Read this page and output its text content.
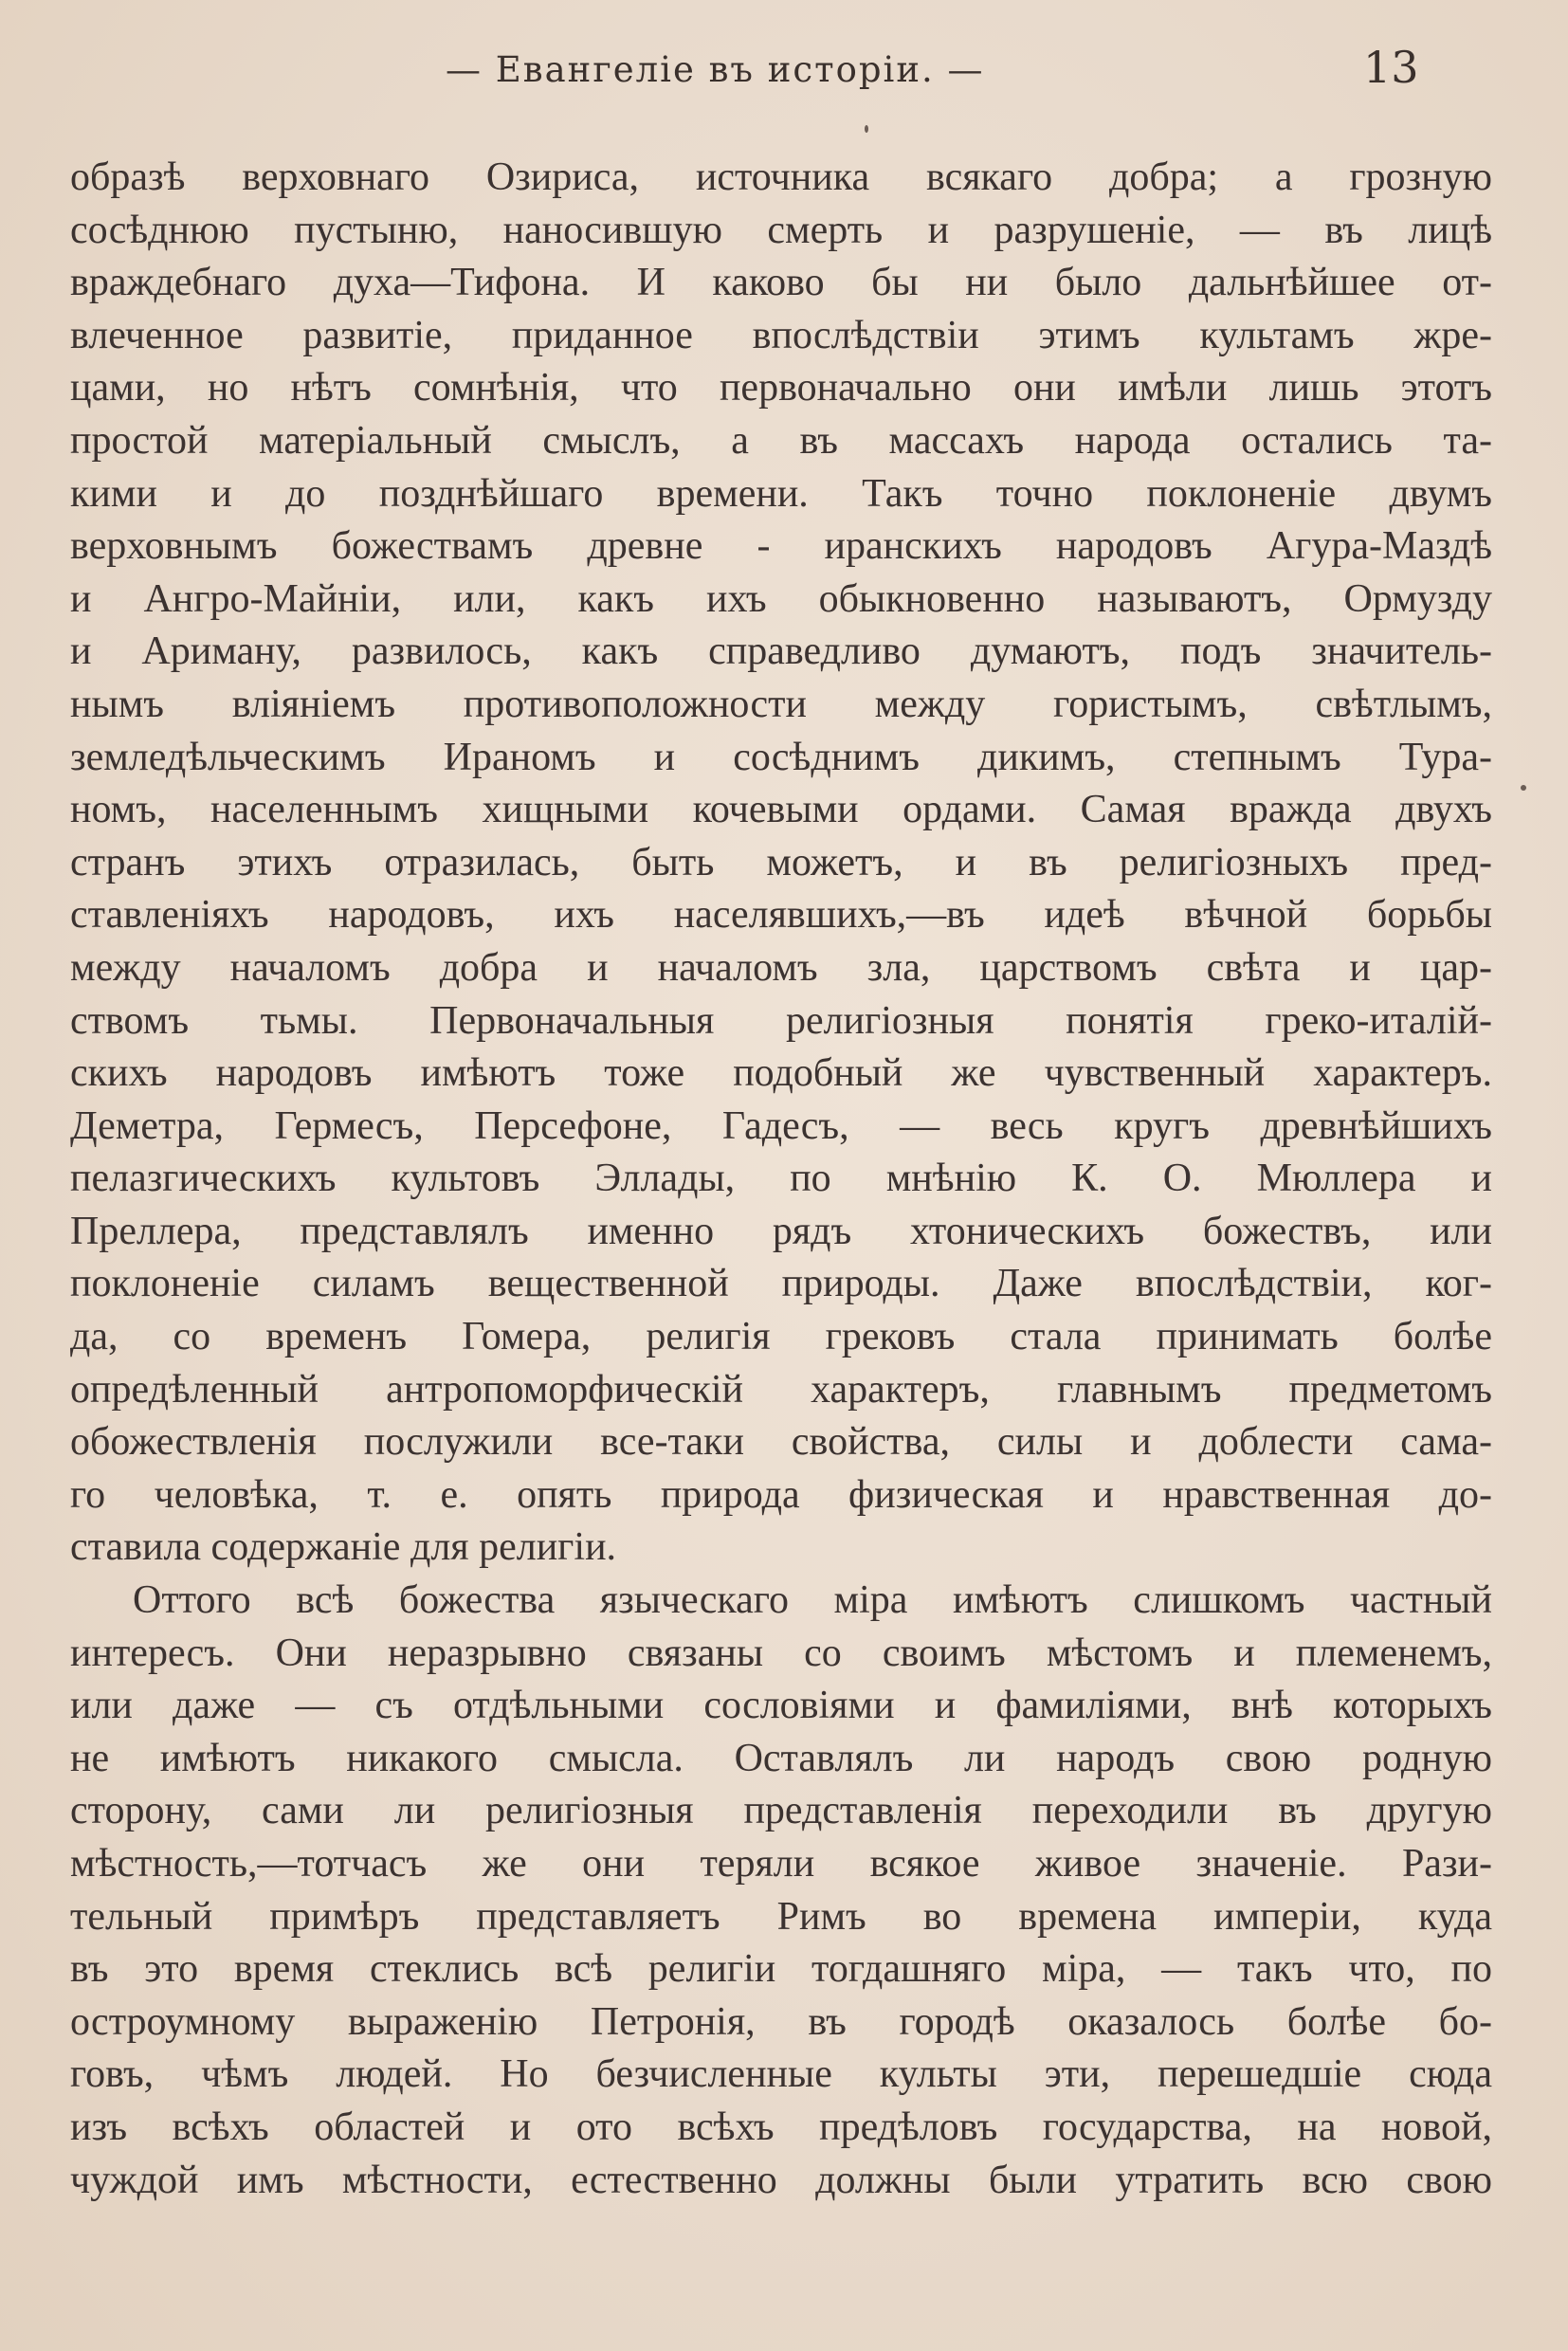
— Евангеліе въ исторіи. —	13
образѣ верховнаго Озириса, источника всякаго добра; а грозную
сосѣднюю пустыню, наносившую смерть и разрушеніе, — въ лицѣ
враждебнаго духа—Тифона. И каково бы ни было дальнѣйшее от-
влеченное развитіе, приданное впослѣдствіи этимъ культамъ жре-
цами, но нѣтъ сомнѣнія, что первоначально они имѣли лишь этотъ
простой матеріальный смыслъ, а въ массахъ народа остались та-
кими и до позднѣйшаго времени. Такъ точно поклоненіе двумъ
верховнымъ божествамъ древне - иранскихъ народовъ Агура-Маздѣ
и Ангро-Майніи, или, какъ ихъ обыкновенно называютъ, Ормузду
и Ариману, развилось, какъ справедливо думаютъ, подъ значитель-
нымъ вліяніемъ противоположности между гористымъ, свѣтлымъ,
земледѣльческимъ Ираномъ и сосѣднимъ дикимъ, степнымъ Тура-
номъ, населеннымъ хищными кочевыми ордами. Самая вражда двухъ
странъ этихъ отразилась, быть можетъ, и въ религіозныхъ пред-
ставленіяхъ народовъ, ихъ населявшихъ,—въ идеѣ вѣчной борьбы
между началомъ добра и началомъ зла, царствомъ свѣта и цар-
ствомъ тьмы. Первоначальныя религіозныя понятія греко-италій-
скихъ народовъ имѣютъ тоже подобный же чувственный характеръ.
Деметра, Гермесъ, Персефоне, Гадесъ, — весь кругъ древнѣйшихъ
пелазгическихъ культовъ Эллады, по мнѣнію К. О. Мюллера и
Преллера, представлялъ именно рядъ хтоническихъ божествъ, или
поклоненіе силамъ вещественной природы. Даже впослѣдствіи, ког-
да, со временъ Гомера, религія грековъ стала принимать болѣе
опредѣленный антропоморфическій характеръ, главнымъ предметомъ
обожествленія послужили все-таки свойства, силы и доблести сама-
го человѣка, т. е. опять природа физическая и нравственная до-
ставила содержаніе для религіи.
Оттого всѣ божества языческаго міра имѣютъ слишкомъ частный
интересъ. Они неразрывно связаны со своимъ мѣстомъ и племенемъ,
или даже — съ отдѣльными сословіями и фамиліями, внѣ которыхъ
не имѣютъ никакого смысла. Оставлялъ ли народъ свою родную
сторону, сами ли религіозныя представленія переходили въ другую
мѣстность,—тотчасъ же они теряли всякое живое значеніе. Рази-
тельный примѣръ представляетъ Римъ во времена имперіи, куда
въ это время стеклись всѣ религіи тогдашняго міра, — такъ что, по
остроумному выраженію Петронія, въ городѣ оказалось болѣе бо-
говъ, чѣмъ людей. Но безчисленные культы эти, перешедшіе сюда
изъ всѣхъ областей и ото всѣхъ предѣловъ государства, на новой,
чуждой имъ мѣстности, естественно должны были утратить всю свою
